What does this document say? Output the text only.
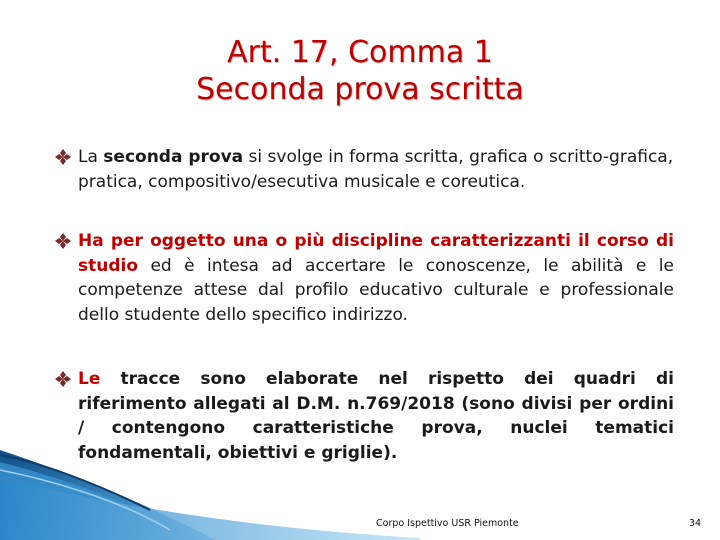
Art. 17, Comma 1
Seconda prova scritta
La seconda prova si svolge in forma scritta, grafica o scritto-grafica, pratica, compositivo/esecutiva musicale e coreutica.
Ha per oggetto una o più discipline caratterizzanti il corso di studio ed è intesa ad accertare le conoscenze, le abilità e le competenze attese dal profilo educativo culturale e professionale dello studente dello specifico indirizzo.
Le tracce sono elaborate nel rispetto dei quadri di riferimento allegati al D.M. n.769/2018 (sono divisi per ordini / contengono caratteristiche prova, nuclei tematici fondamentali, obiettivi e griglie).
Corpo Ispettivo USR Piemonte	34
